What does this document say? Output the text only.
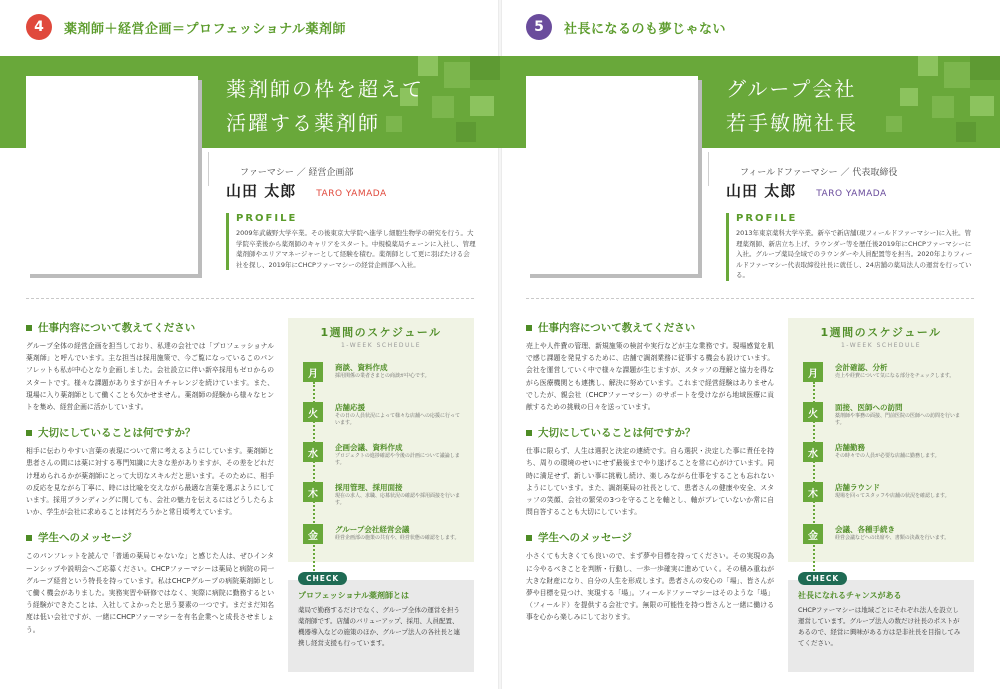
4	薬剤師＋経営企画＝プロフェッショナル薬剤師
薬剤師の枠を超えて
活躍する薬剤師
ファーマシー ／ 経営企画部
山田 太郎 TARO YAMADA
PROFILE

2009年武蔵野大学卒業。その後東京大学院へ進学し細胞生物学の研究を行う。大学院卒業後から薬剤師のキャリアをスタート。中規模薬局チェーンに入社し、管理薬剤師やエリアマネージャーとして経験を積む。薬剤師として更に羽ばたける会社を探し、2019年にCHCPファーマシーの経営企画部へ入社。

仕事内容について教えてください

グループ全体の経営企画を担当しており、私達の会社では「プロフェッショナル薬剤師」と呼んでいます。主な担当は採用施策で、今ご覧になっているこのパンフレットも私が中心となり企画しました。会社設立に伴い新卒採用もゼロからのスタートです。様々な課題がありますが日々チャレンジを続けています。また、現場に入り薬剤師として働くことも欠かせません。薬剤師の経験から様々なヒントを集め、経営企画に活かしています。

大切にしていることは何ですか？

相手に伝わりやすい言葉の表現について常に考えるようにしています。薬剤師と患者さんの間には薬に対する専門知識に大きな差がありますが、その差をどれだけ埋められるかが薬剤師にとって大切なスキルだと思います。そのために、相手の反応を見ながら丁寧に、時には比喩を交えながら最適な言葉を選ぶようにしています。採用ブランディングに関しても、会社の魅力を伝えるにはどうしたらよいか、学生が会社に求めることは何だろうかと常日頃考えています。

学生へのメッセージ

このパンフレットを読んで「普通の薬局じゃないな」と感じた人は、ぜひインターンシップや説明会へご応募ください。CHCPファーマシーは薬局と病院の同一グループ経営という特長を持っています。私はCHCPグループの病院薬剤師として働く機会がありました。実務実習や研修ではなく、実際に病院に勤務するという経験ができたことは、入社してよかったと思う要素の一つです。まだまだ知名度は低い会社ですが、一緒にCHCPファーマシーを有名企業へと成長させましょう。

1週間のスケジュール
1-WEEK SCHEDULE
月
商談、資料作成
採用関係の業者さまとの商談が中心です。
火
店舗応援
その日の人員状況によって様々な店舗への応援に行っています。
水
企画会議、資料作成
プロジェクトの進捗確認や今後の計画について議論します。
木
採用管理、採用面接
現在の求人、求職、応募状況の確認や採用面接を行います。
金
グループ会社経営会議
経営企画部の施策の共有や、経営状態の確認をします。
CHECK
プロフェッショナル薬剤師とは
薬局で勤務するだけでなく、グループ全体の運営を担う薬剤師です。店舗のバリューアップ、採用、人員配置、機器導入などの施策のほか、グループ法人の各社長と連携し経営支援も行っています。
5	社長になるのも夢じゃない
グループ会社
若手敏腕社長
フィールドファーマシー ／ 代表取締役
山田 太郎 TARO YAMADA
PROFILE

2013年東京薬科大学卒業。新卒で新店舗(現フィールドファーマシー)に入社。管理薬剤師、新店立ち上げ、ラウンダー等を歴任後2019年にCHCPファーマシーに入社。グループ薬局全域でのラウンダーや人員配置等を担当。2020年よりフィールドファーマシー代表取締役社長に就任し、24店舗の薬局法人の運営を行っている。

仕事内容について教えてください

売上や人件費の管理、新規施策の検討や実行などが主な業務です。現場感覚を肌で感じ課題を発見するために、店舗で調剤業務に従事する機会も設けています。会社を運営していく中で様々な課題が生じますが、スタッフの理解と協力を得ながら医療機関とも連携し、解決に努めています。これまで経営経験はありませんでしたが、親会社（CHCPファーマシー）のサポートを受けながら地域医療に貢献するための挑戦の日々を送っています。

大切にしていることは何ですか？

仕事に限らず、人生は選択と決定の連続です。自ら選択・決定した事に責任を持ち、周りの環境のせいにせず最後までやり遂げることを常に心がけています。同時に満足せず、新しい事に挑戦し続け、楽しみながら仕事をすることも忘れないようにしています。また、調剤薬局の社長として、患者さんの健康や安全、スタッフの笑顔、会社の繁栄の3つを守ることを軸とし、軸がブレていないか常に自問自答することも大切にしています。

学生へのメッセージ

小さくても大きくても良いので、まず夢や目標を持ってください。その実現の為に今やるべきことを判断・行動し、一歩一歩確実に進めていく。その積み重ねが大きな財産になり、自分の人生を形成します。患者さんの安心の「場」、皆さんが夢や目標を見つけ、実現する「場」。フィールドファーマシーはそのような「場」（フィールド）を提供する会社です。無限の可能性を持つ皆さんと一緒に働ける事を心から楽しみにしております。

1週間のスケジュール
1-WEEK SCHEDULE
月
会計確認、分析
売上や経費について気になる部分をチェックします。
火
面接、医師への訪問
薬剤師や事務の面接、門前医院の医師への訪問を行います。
水
店舗勤務
その時々での人員が必要な店舗に勤務します。
木
店舗ラウンド
現場を回ってスタッフや店舗の状況を確認します。
金
会議、各種手続き
経営会議などへの出席や、書類の決裁を行います。
CHECK
社長になれるチャンスがある
CHCPファーマシーは地域ごとにそれぞれ法人を設立し運営しています。グループ法人の数だけ社長のポストがあるので、経営に興味がある方は是非社長を目指してみてください。
